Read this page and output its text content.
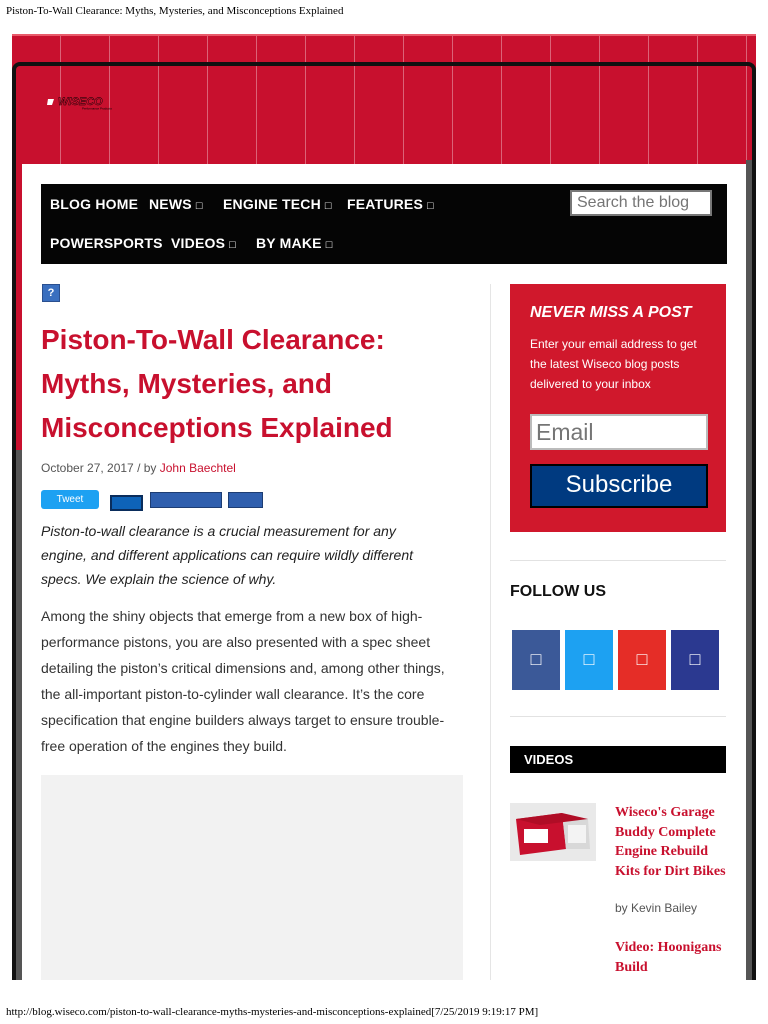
Piston-To-Wall Clearance: Myths, Mysteries, and Misconceptions Explained
WISECO
Performance Products
BLOG HOME NEWS □ ENGINE TECH □ FEATURES □
POWERSPORTS VIDEOS □ BY MAKE □
Search the blog
?
Piston-To-Wall Clearance: Myths, Mysteries, and Misconceptions Explained
October 27, 2017 / by John Baechtel
Tweet

Piston-to-wall clearance is a crucial measurement for any engine, and different applications can require wildly different specs. We explain the science of why.

Among the shiny objects that emerge from a new box of high-performance pistons, you are also presented with a spec sheet detailing the piston’s critical dimensions and, among other things, the all-important piston-to-cylinder wall clearance. It’s the core specification that engine builders always target to ensure trouble-free operation of the engines they build.

NEVER MISS A POST
Enter your email address to get the latest Wiseco blog posts delivered to your inbox
Email
Subscribe
FOLLOW US
□	□	□	□
VIDEOS
Wiseco's Garage Buddy Complete Engine Rebuild Kits for Dirt Bikes
by Kevin Bailey
Video: Hoonigans Build
http://blog.wiseco.com/piston-to-wall-clearance-myths-mysteries-and-misconceptions-explained[7/25/2019 9:19:17 PM]
